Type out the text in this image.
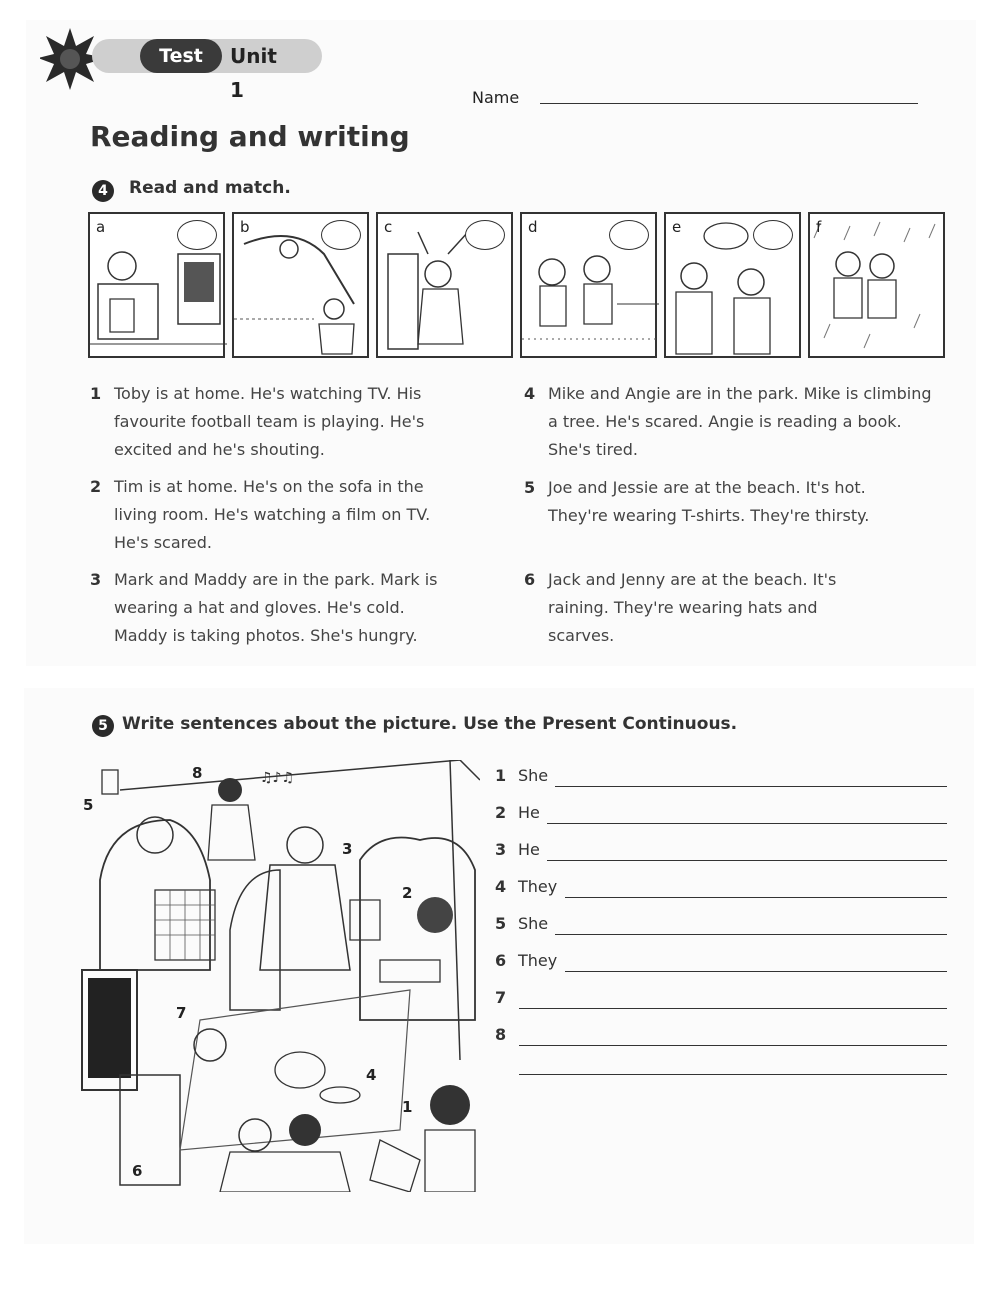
Test	Unit 1	Name
Reading and writing
4	Read and match.
a	b	c	d	e	f
1 Toby is at home. He's watching TV. His favourite football team is playing. He's excited and he's shouting.
2 Tim is at home. He's on the sofa in the living room. He's watching a film on TV. He's scared.
3 Mark and Maddy are in the park. Mark is wearing a hat and gloves. He's cold. Maddy is taking photos. She's hungry.
4 Mike and Angie are in the park. Mike is climbing a tree. He's scared. Angie is reading a book. She's tired.
5 Joe and Jessie are at the beach. It's hot. They're wearing T-shirts. They're thirsty.
6 Jack and Jenny are at the beach. It's raining. They're wearing hats and scarves.
5 Write sentences about the picture. Use the Present Continuous.
♫♪♫
8
5
3
2
7
4
1
6
1 She
2 He
3 He
4 They
5 She
6 They
7
8
